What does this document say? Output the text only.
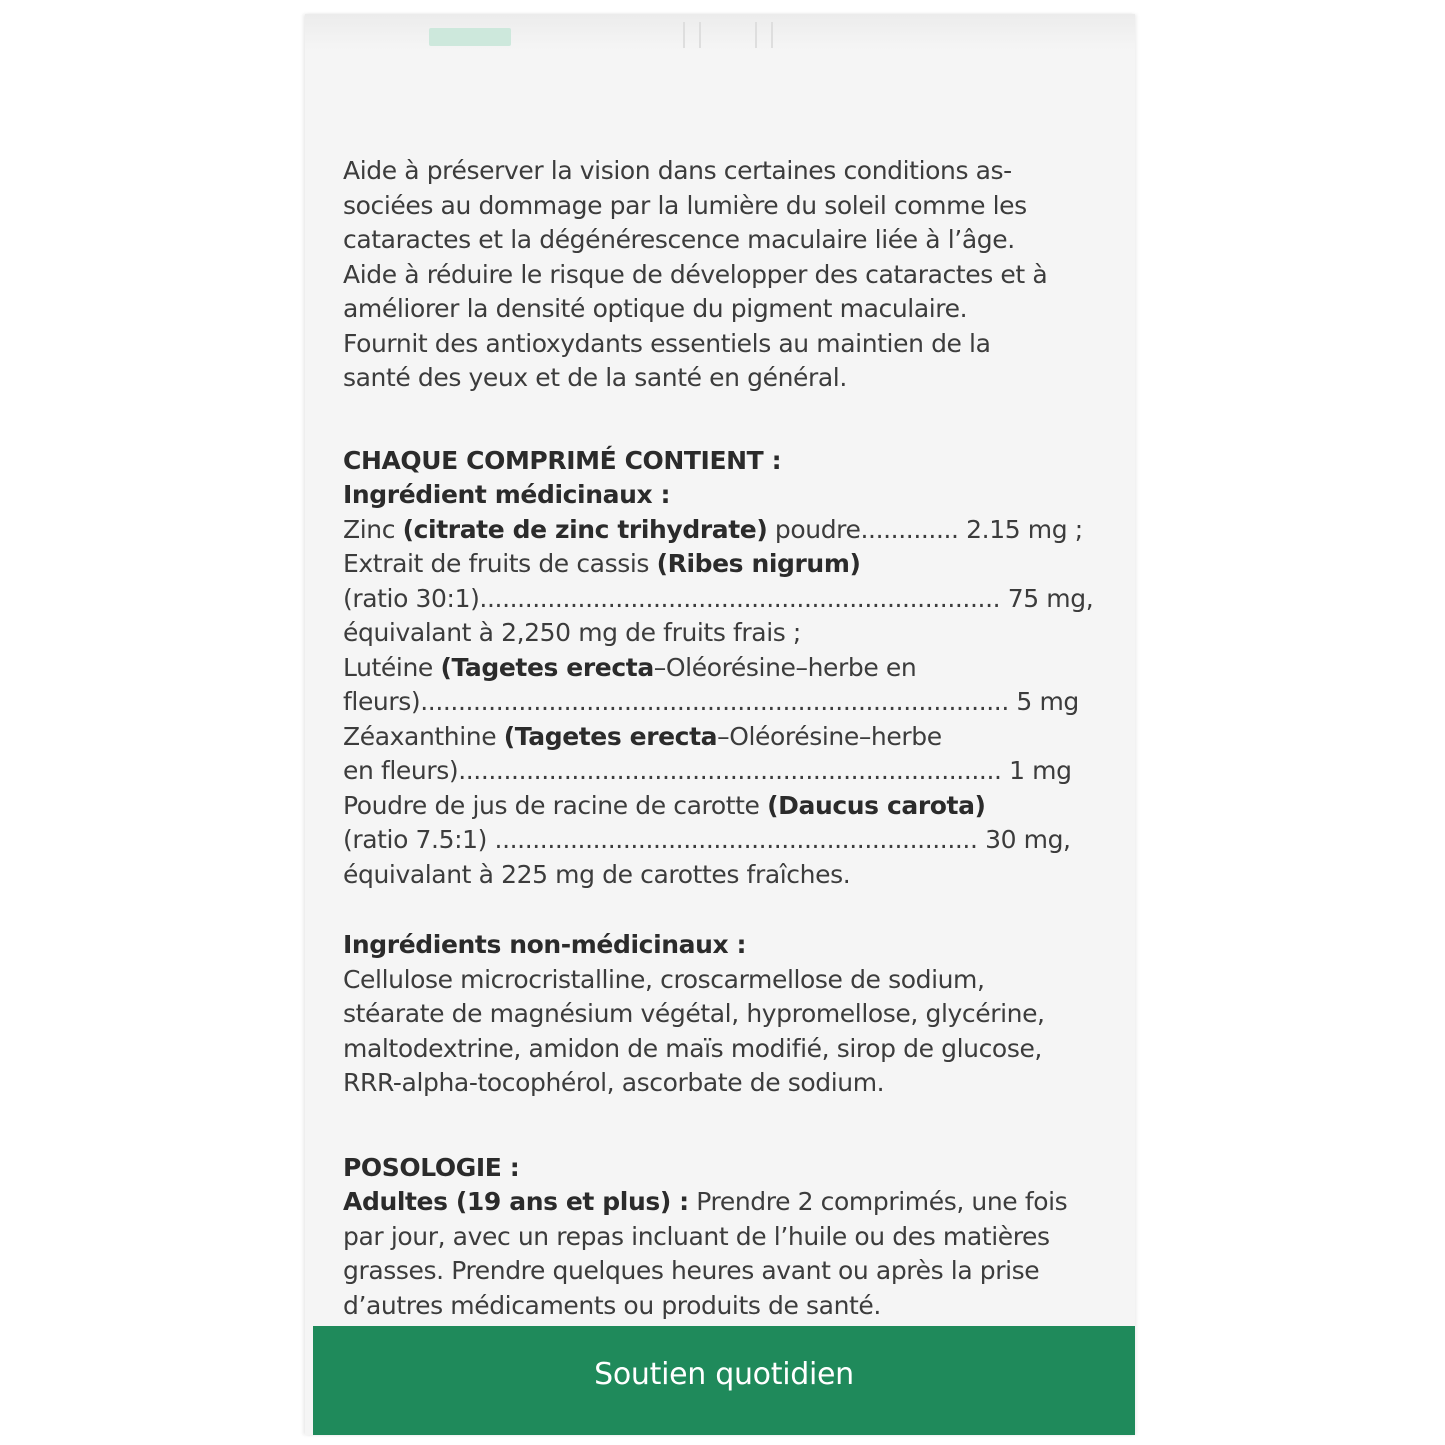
Aide à préserver la vision dans certaines conditions as-

sociées au dommage par la lumière du soleil comme les

cataractes et la dégénérescence maculaire liée à l’âge.

Aide à réduire le risque de développer des cataractes et à

améliorer la densité optique du pigment maculaire.

Fournit des antioxydants essentiels au maintien de la

santé des yeux et de la santé en général.

CHAQUE COMPRIMÉ CONTIENT :

Ingrédient médicinaux :

Zinc (citrate de zinc trihydrate) poudre............. 2.15 mg ;

Extrait de fruits de cassis (Ribes nigrum)

(ratio 30:1)..................................................................... 75 mg,

équivalant à 2,250 mg de fruits frais ;

Lutéine (Tagetes erecta–Oléorésine–herbe en

fleurs).............................................................................. 5 mg

Zéaxanthine (Tagetes erecta–Oléorésine–herbe

en fleurs)........................................................................ 1 mg

Poudre de jus de racine de carotte (Daucus carota)

(ratio 7.5:1) ................................................................ 30 mg,

équivalant à 225 mg de carottes fraîches.

Ingrédients non-médicinaux :

Cellulose microcristalline, croscarmellose de sodium,

stéarate de magnésium végétal, hypromellose, glycérine,

maltodextrine, amidon de maïs modifié, sirop de glucose,

RRR-alpha-tocophérol, ascorbate de sodium.

POSOLOGIE :

Adultes (19 ans et plus) : Prendre 2 comprimés, une fois

par jour, avec un repas incluant de l’huile ou des matières

grasses. Prendre quelques heures avant ou après la prise

d’autres médicaments ou produits de santé.

Soutien quotidien
